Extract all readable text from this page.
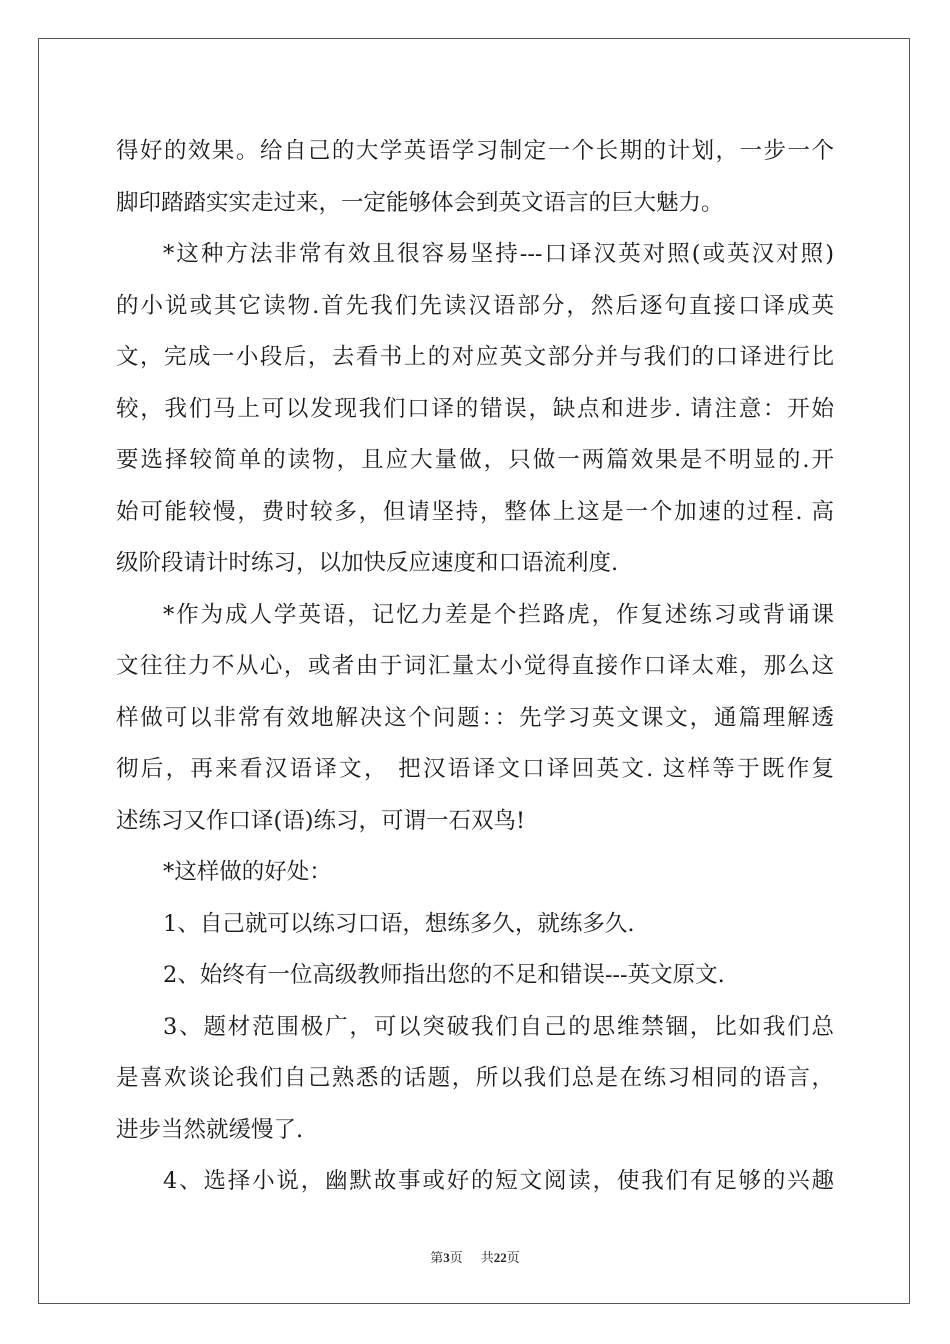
得好的效果。给自己的大学英语学习制定一个长期的计划，一步一个
脚印踏踏实实走过来，一定能够体会到英文语言的巨大魅力。
*这种方法非常有效且很容易坚持---口译汉英对照(或英汉对照)
的小说或其它读物.首先我们先读汉语部分，然后逐句直接口译成英
文，完成一小段后，去看书上的对应英文部分并与我们的口译进行比
较，我们马上可以发现我们口译的错误，缺点和进步. 请注意：开始
要选择较简单的读物，且应大量做，只做一两篇效果是不明显的.开
始可能较慢，费时较多，但请坚持，整体上这是一个加速的过程. 高
级阶段请计时练习，以加快反应速度和口语流利度.
*作为成人学英语，记忆力差是个拦路虎，作复述练习或背诵课
文往往力不从心，或者由于词汇量太小觉得直接作口译太难，那么这
样做可以非常有效地解决这个问题：：先学习英文课文，通篇理解透
彻后，再来看汉语译文， 把汉语译文口译回英文. 这样等于既作复
述练习又作口译(语)练习，可谓一石双鸟!
*这样做的好处：
1、自己就可以练习口语，想练多久，就练多久.
2、始终有一位高级教师指出您的不足和错误---英文原文.
3、题材范围极广，可以突破我们自己的思维禁锢，比如我们总
是喜欢谈论我们自己熟悉的话题，所以我们总是在练习相同的语言，
进步当然就缓慢了.
4、选择小说，幽默故事或好的短文阅读，使我们有足够的兴趣
第3页 共22页
